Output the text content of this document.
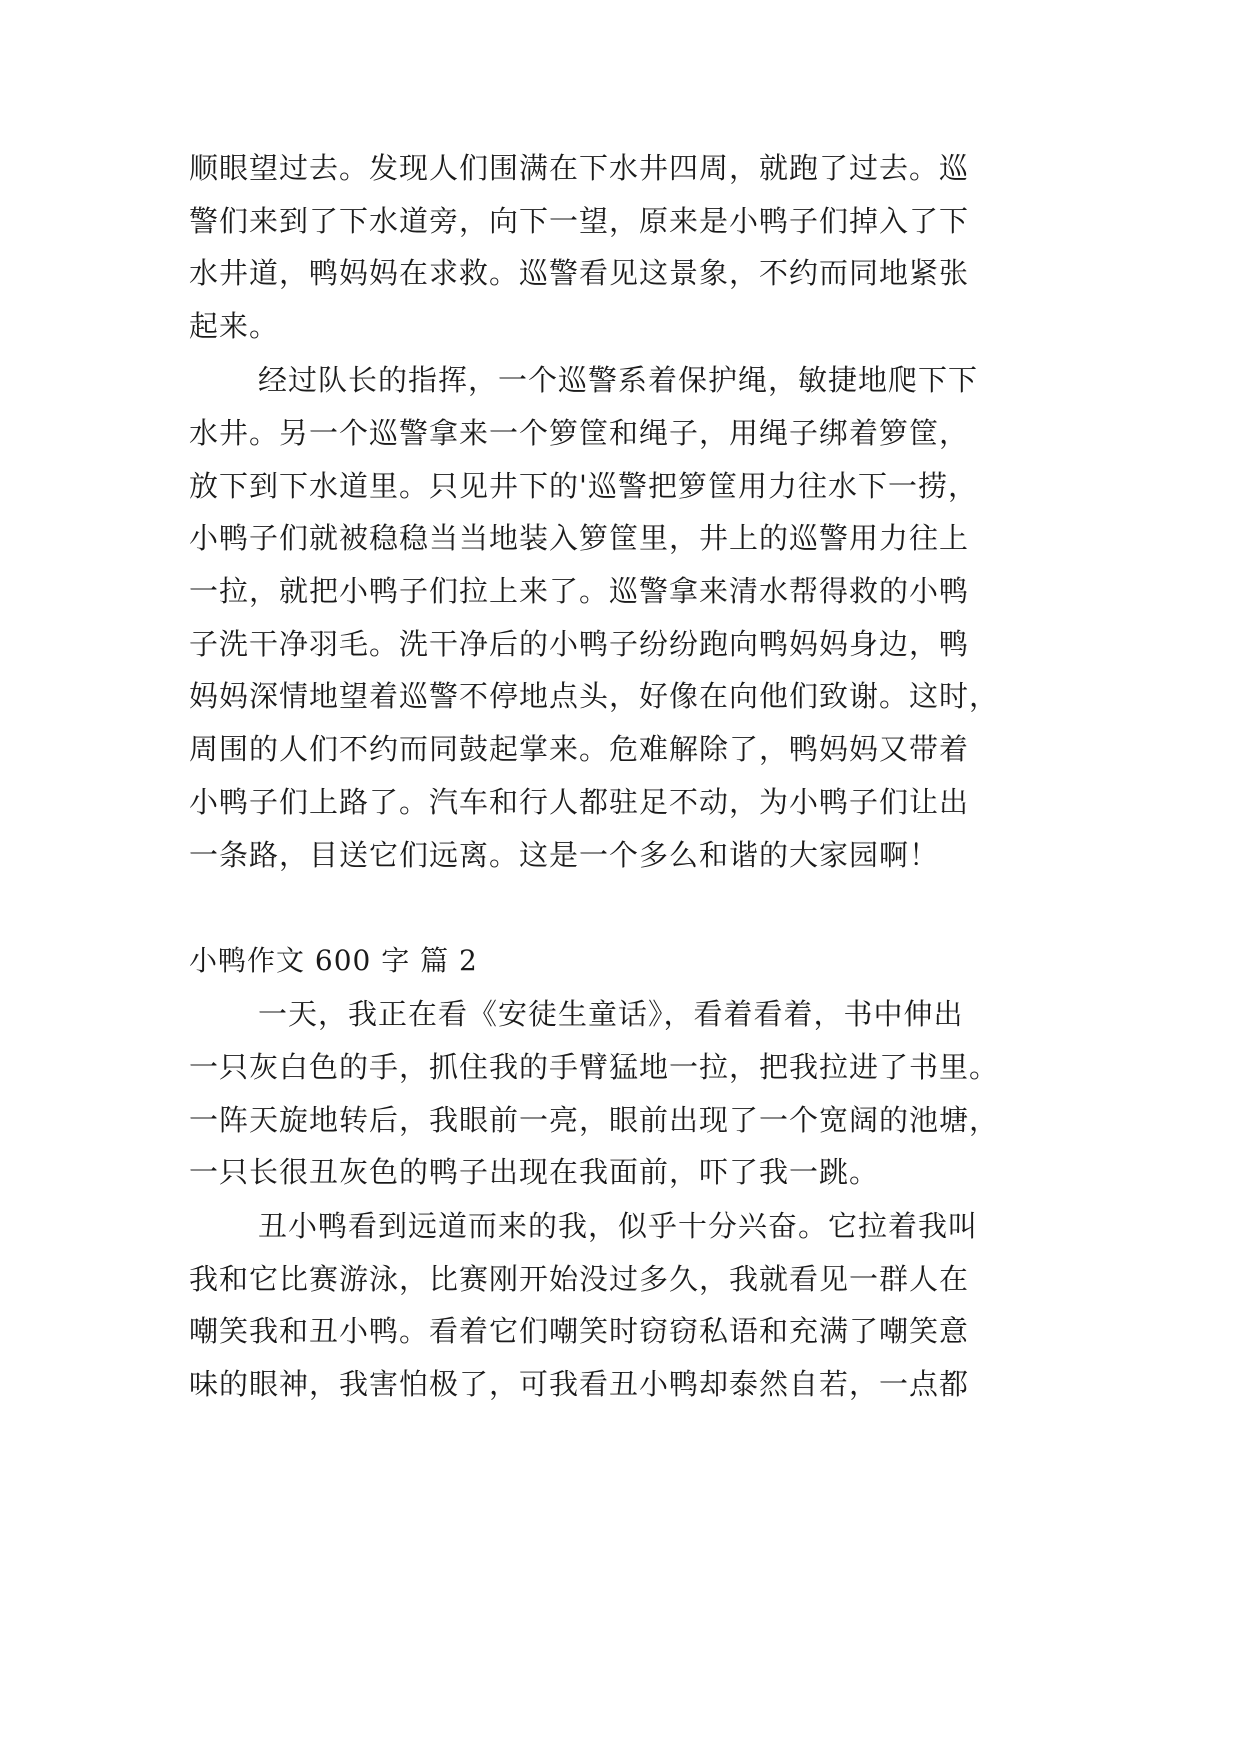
顺眼望过去。发现人们围满在下水井四周，就跑了过去。巡
警们来到了下水道旁，向下一望，原来是小鸭子们掉入了下
水井道，鸭妈妈在求救。巡警看见这景象，不约而同地紧张
起来。
经过队长的指挥，一个巡警系着保护绳，敏捷地爬下下
水井。另一个巡警拿来一个箩筐和绳子，用绳子绑着箩筐，
放下到下水道里。只见井下的'巡警把箩筐用力往水下一捞，
小鸭子们就被稳稳当当地装入箩筐里，井上的巡警用力往上
一拉，就把小鸭子们拉上来了。巡警拿来清水帮得救的小鸭
子洗干净羽毛。洗干净后的小鸭子纷纷跑向鸭妈妈身边，鸭
妈妈深情地望着巡警不停地点头，好像在向他们致谢。这时，
周围的人们不约而同鼓起掌来。危难解除了，鸭妈妈又带着
小鸭子们上路了。汽车和行人都驻足不动，为小鸭子们让出
一条路，目送它们远离。这是一个多么和谐的大家园啊！
小鸭作文 600 字 篇 2
一天，我正在看《安徒生童话》，看着看着，书中伸出
一只灰白色的手，抓住我的手臂猛地一拉，把我拉进了书里。
一阵天旋地转后，我眼前一亮，眼前出现了一个宽阔的池塘，
一只长很丑灰色的鸭子出现在我面前，吓了我一跳。
丑小鸭看到远道而来的我，似乎十分兴奋。它拉着我叫
我和它比赛游泳，比赛刚开始没过多久，我就看见一群人在
嘲笑我和丑小鸭。看着它们嘲笑时窃窃私语和充满了嘲笑意
味的眼神，我害怕极了，可我看丑小鸭却泰然自若，一点都
